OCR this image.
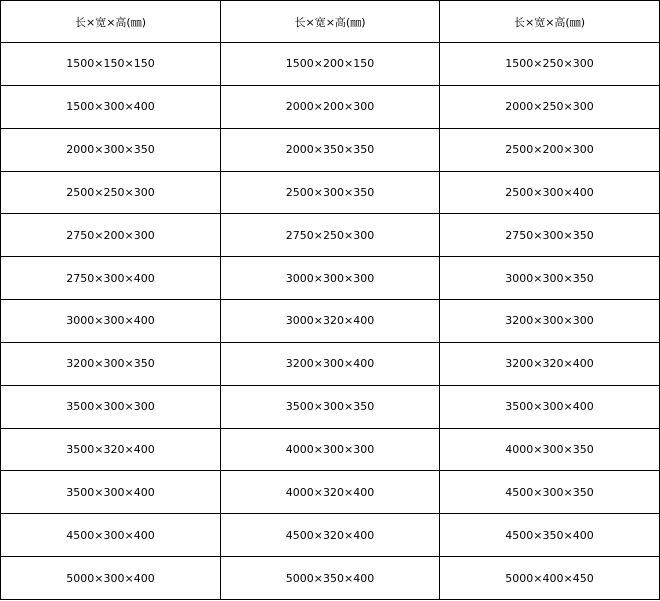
长×宽×高(㎜)	长×宽×高(㎜)	长×宽×高(㎜)
1500×150×150	1500×200×150	1500×250×300
1500×300×400	2000×200×300	2000×250×300
2000×300×350	2000×350×350	2500×200×300
2500×250×300	2500×300×350	2500×300×400
2750×200×300	2750×250×300	2750×300×350
2750×300×400	3000×300×300	3000×300×350
3000×300×400	3000×320×400	3200×300×300
3200×300×350	3200×300×400	3200×320×400
3500×300×300	3500×300×350	3500×300×400
3500×320×400	4000×300×300	4000×300×350
3500×300×400	4000×320×400	4500×300×350
4500×300×400	4500×320×400	4500×350×400
5000×300×400	5000×350×400	5000×400×450
